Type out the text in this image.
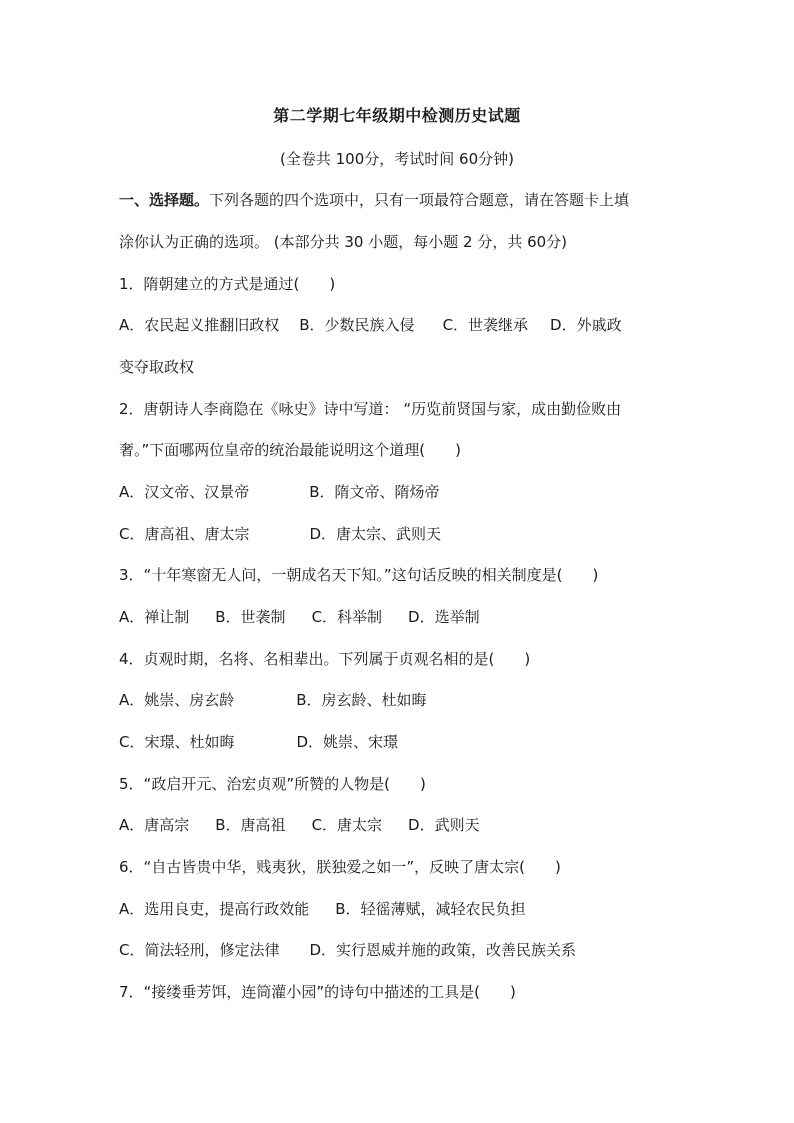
第二学期七年级期中检测历史试题
(全卷共 100分，考试时间 60分钟)
一、选择题。下列各题的四个选项中，只有一项最符合题意，请在答题卡上填
涂你认为正确的选项。 (本部分共 30 小题，每小题 2 分，共 60分)
1．隋朝建立的方式是通过(　　)
A．农民起义推翻旧政权 B．少数民族入侵 C．世袭继承 D．外戚政
变夺取政权
2．唐朝诗人李商隐在《咏史》诗中写道： “历览前贤国与家，成由勤俭败由
奢。”下面哪两位皇帝的统治最能说明这个道理(　　)
A．汉文帝、汉景帝	B．隋文帝、隋炀帝
C．唐高祖、唐太宗	D．唐太宗、武则天
3．“十年寒窗无人问，一朝成名天下知。”这句话反映的相关制度是(　　)
A．禅让制 B．世袭制 C．科举制 D．选举制
4．贞观时期，名将、名相辈出。下列属于贞观名相的是(　　)
A．姚崇、房玄龄	B．房玄龄、杜如晦
C．宋璟、杜如晦	D．姚崇、宋璟
5．“政启开元、治宏贞观”所赞的人物是(　　)
A．唐高宗 B．唐高祖 C．唐太宗 D．武则天
6．“自古皆贵中华，贱夷狄，朕独爱之如一”，反映了唐太宗(　　)
A．选用良吏，提高行政效能 B．轻徭薄赋，减轻农民负担
C．简法轻刑，修定法律 D．实行恩威并施的政策，改善民族关系
7．“接缕垂芳饵，连筒灌小园”的诗句中描述的工具是(　　)
